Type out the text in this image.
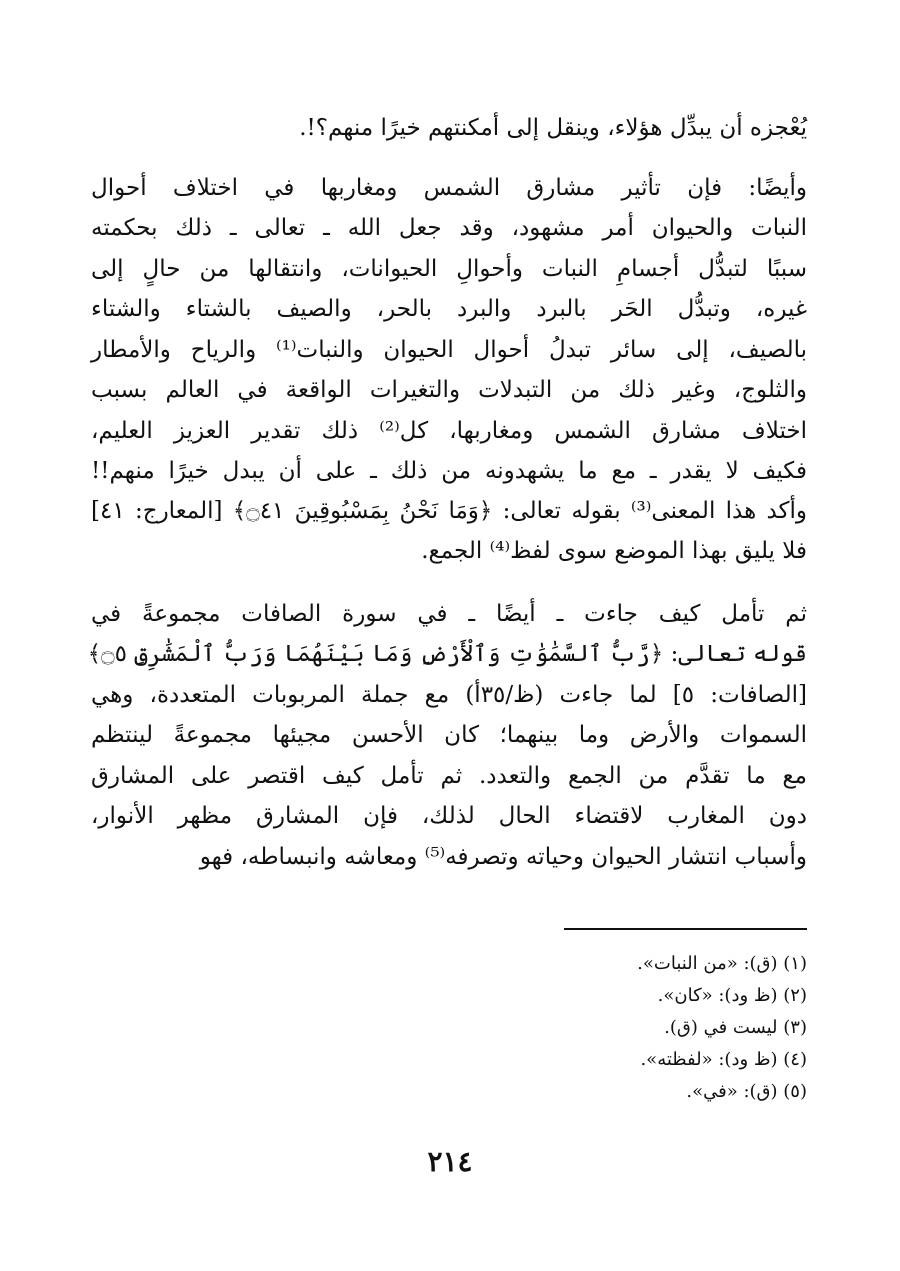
يُعْجزه أن يبدِّل هؤلاء، وينقل إلى أمكنتهم خيرًا منهم؟!.
وأيضًا: فإن تأثير مشارق الشمس ومغاربها في اختلاف أحوال
النبات والحيوان أمر مشهود، وقد جعل الله ـ تعالى ـ ذلك بحكمته
سببًا لتبدُّل أجسامِ النبات وأحوالِ الحيوانات، وانتقالها من حالٍ إلى
غيره، وتبدُّل الحَر بالبرد والبرد بالحر، والصيف بالشتاء والشتاء
بالصيف، إلى سائر تبدلُ أحوال الحيوان والنبات⁽¹⁾ والرياح والأمطار
والثلوج، وغير ذلك من التبدلات والتغيرات الواقعة في العالم بسبب
اختلاف مشارق الشمس ومغاربها، كل⁽²⁾ ذلك تقدير العزيز العليم،
فكيف لا يقدر ـ مع ما يشهدونه من ذلك ـ على أن يبدل خيرًا منهم!!
وأكد هذا المعنى⁽³⁾ بقوله تعالى: ﴿وَمَا نَحْنُ بِمَسْبُوقِينَ ۝٤١﴾ [المعارج: ٤١]
فلا يليق بهذا الموضع سوى لفظ⁽⁴⁾ الجمع.
ثم تأمل كيف جاءت ـ أيضًا ـ في سورة الصافات مجموعةً في
قوله تعالى: ﴿رَّبُّ ٱلسَّمَٰوَٰتِ وَٱلْأَرْضِ وَمَا بَيْنَهُمَا وَرَبُّ ٱلْمَشَٰرِقِ ۝٥﴾
[الصافات: ٥] لما جاءت (ظ/٣٥أ) مع جملة المربوبات المتعددة، وهي
السموات والأرض وما بينهما؛ كان الأحسن مجيئها مجموعةً لينتظم
مع ما تقدَّم من الجمع والتعدد. ثم تأمل كيف اقتصر على المشارق
دون المغارب لاقتضاء الحال لذلك، فإن المشارق مظهر الأنوار،
وأسباب انتشار الحيوان وحياته وتصرفه⁽⁵⁾ ومعاشه وانبساطه، فهو
(١) (ق): «من النبات».
(٢) (ظ ود): «كان».
(٣) ليست في (ق).
(٤) (ظ ود): «لفظته».
(٥) (ق): «في».
٢١٤
